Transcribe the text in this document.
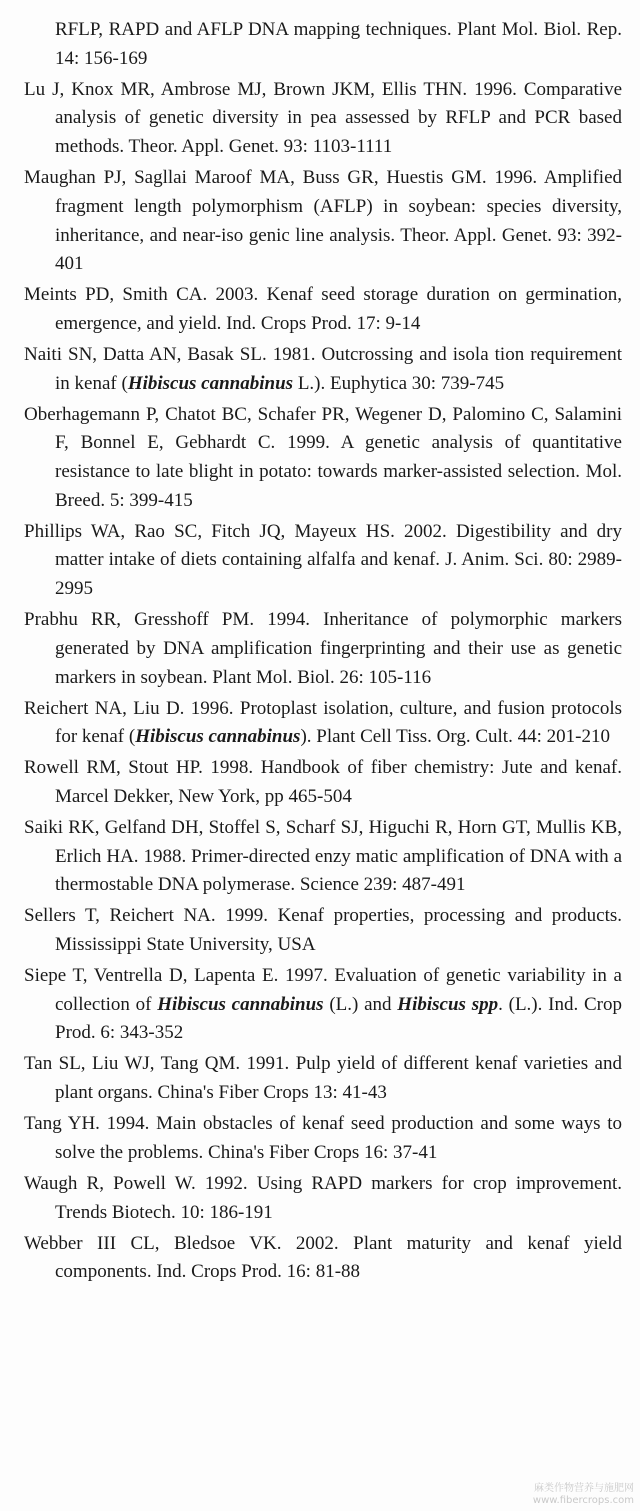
RFLP, RAPD and AFLP DNA mapping techniques. Plant Mol. Biol. Rep. 14: 156-169
Lu J, Knox MR, Ambrose MJ, Brown JKM, Ellis THN. 1996. Comparative analysis of genetic diversity in pea assessed by RFLP and PCR based methods. Theor. Appl. Genet. 93: 1103-1111
Maughan PJ, Sagllai Maroof MA, Buss GR, Huestis GM. 1996. Amplified fragment length polymorphism (AFLP) in soybean: species diversity, inheritance, and near-iso genic line analysis. Theor. Appl. Genet. 93: 392-401
Meints PD, Smith CA. 2003. Kenaf seed storage duration on germination, emergence, and yield. Ind. Crops Prod. 17: 9-14
Naiti SN, Datta AN, Basak SL. 1981. Outcrossing and isola tion requirement in kenaf (Hibiscus cannabinus L.). Euphytica 30: 739-745
Oberhagemann P, Chatot BC, Schafer PR, Wegener D, Palomino C, Salamini F, Bonnel E, Gebhardt C. 1999. A genetic analysis of quantitative resistance to late blight in potato: towards marker-assisted selection. Mol. Breed. 5: 399-415
Phillips WA, Rao SC, Fitch JQ, Mayeux HS. 2002. Digestibility and dry matter intake of diets containing alfalfa and kenaf. J. Anim. Sci. 80: 2989-2995
Prabhu RR, Gresshoff PM. 1994. Inheritance of polymorphic markers generated by DNA amplification fingerprinting and their use as genetic markers in soybean. Plant Mol. Biol. 26: 105-116
Reichert NA, Liu D. 1996. Protoplast isolation, culture, and fusion protocols for kenaf (Hibiscus cannabinus). Plant Cell Tiss. Org. Cult. 44: 201-210
Rowell RM, Stout HP. 1998. Handbook of fiber chemistry: Jute and kenaf. Marcel Dekker, New York, pp 465-504
Saiki RK, Gelfand DH, Stoffel S, Scharf SJ, Higuchi R, Horn GT, Mullis KB, Erlich HA. 1988. Primer-directed enzy matic amplification of DNA with a thermostable DNA polymerase. Science 239: 487-491
Sellers T, Reichert NA. 1999. Kenaf properties, processing and products. Mississippi State University, USA
Siepe T, Ventrella D, Lapenta E. 1997. Evaluation of genetic variability in a collection of Hibiscus cannabinus (L.) and Hibiscus spp. (L.). Ind. Crop Prod. 6: 343-352
Tan SL, Liu WJ, Tang QM. 1991. Pulp yield of different kenaf varieties and plant organs. China's Fiber Crops 13: 41-43
Tang YH. 1994. Main obstacles of kenaf seed production and some ways to solve the problems. China's Fiber Crops 16: 37-41
Waugh R, Powell W. 1992. Using RAPD markers for crop improvement. Trends Biotech. 10: 186-191
Webber III CL, Bledsoe VK. 2002. Plant maturity and kenaf yield components. Ind. Crops Prod. 16: 81-88
麻类作物营养与施肥网
www.fibercrops.com
